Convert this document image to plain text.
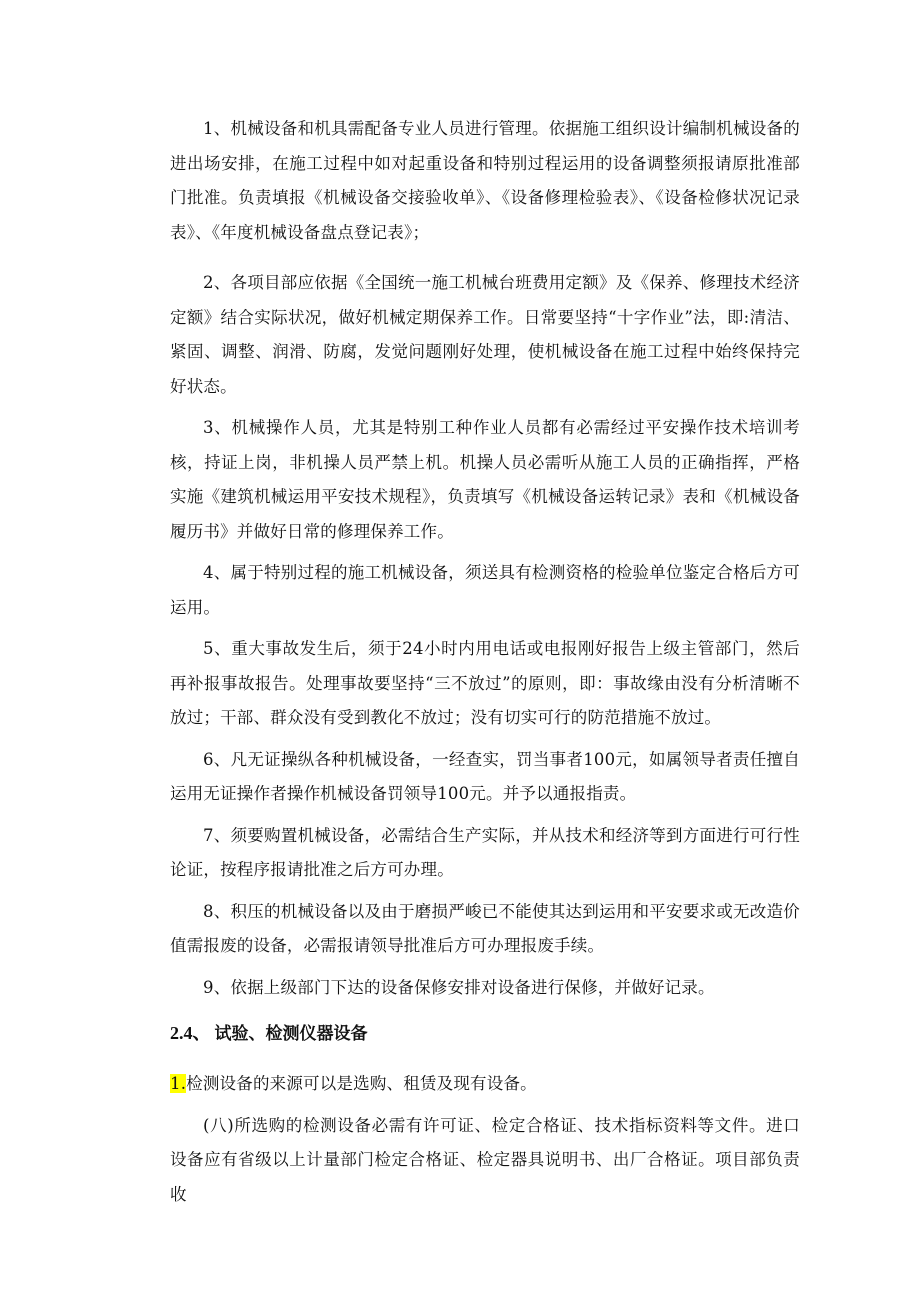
1、机械设备和机具需配备专业人员进行管理。依据施工组织设计编制机械设备的进出场安排，在施工过程中如对起重设备和特别过程运用的设备调整须报请原批准部门批准。负责填报《机械设备交接验收单》、《设备修理检验表》、《设备检修状况记录表》、《年度机械设备盘点登记表》；

2、各项目部应依据《全国统一施工机械台班费用定额》及《保养、修理技术经济定额》结合实际状况，做好机械定期保养工作。日常要坚持“十字作业”法，即:清洁、紧固、调整、润滑、防腐，发觉问题刚好处理，使机械设备在施工过程中始终保持完好状态。

3、机械操作人员，尤其是特别工种作业人员都有必需经过平安操作技术培训考核，持证上岗，非机操人员严禁上机。机操人员必需听从施工人员的正确指挥，严格实施《建筑机械运用平安技术规程》，负责填写《机械设备运转记录》表和《机械设备履历书》并做好日常的修理保养工作。

4、属于特别过程的施工机械设备，须送具有检测资格的检验单位鉴定合格后方可运用。

5、重大事故发生后，须于24小时内用电话或电报刚好报告上级主管部门，然后再补报事故报告。处理事故要坚持“三不放过”的原则，即：事故缘由没有分析清晰不放过；干部、群众没有受到教化不放过；没有切实可行的防范措施不放过。

6、凡无证操纵各种机械设备，一经查实，罚当事者100元，如属领导者责任擅自运用无证操作者操作机械设备罚领导100元。并予以通报指责。

7、须要购置机械设备，必需结合生产实际，并从技术和经济等到方面进行可行性论证，按程序报请批准之后方可办理。

8、积压的机械设备以及由于磨损严峻已不能使其达到运用和平安要求或无改造价值需报废的设备，必需报请领导批准后方可办理报废手续。

9、依据上级部门下达的设备保修安排对设备进行保修，并做好记录。

2.4、 试验、检测仪器设备

1.检测设备的来源可以是选购、租赁及现有设备。

(八)所选购的检测设备必需有许可证、检定合格证、技术指标资料等文件。进口设备应有省级以上计量部门检定合格证、检定器具说明书、出厂合格证。项目部负责收
